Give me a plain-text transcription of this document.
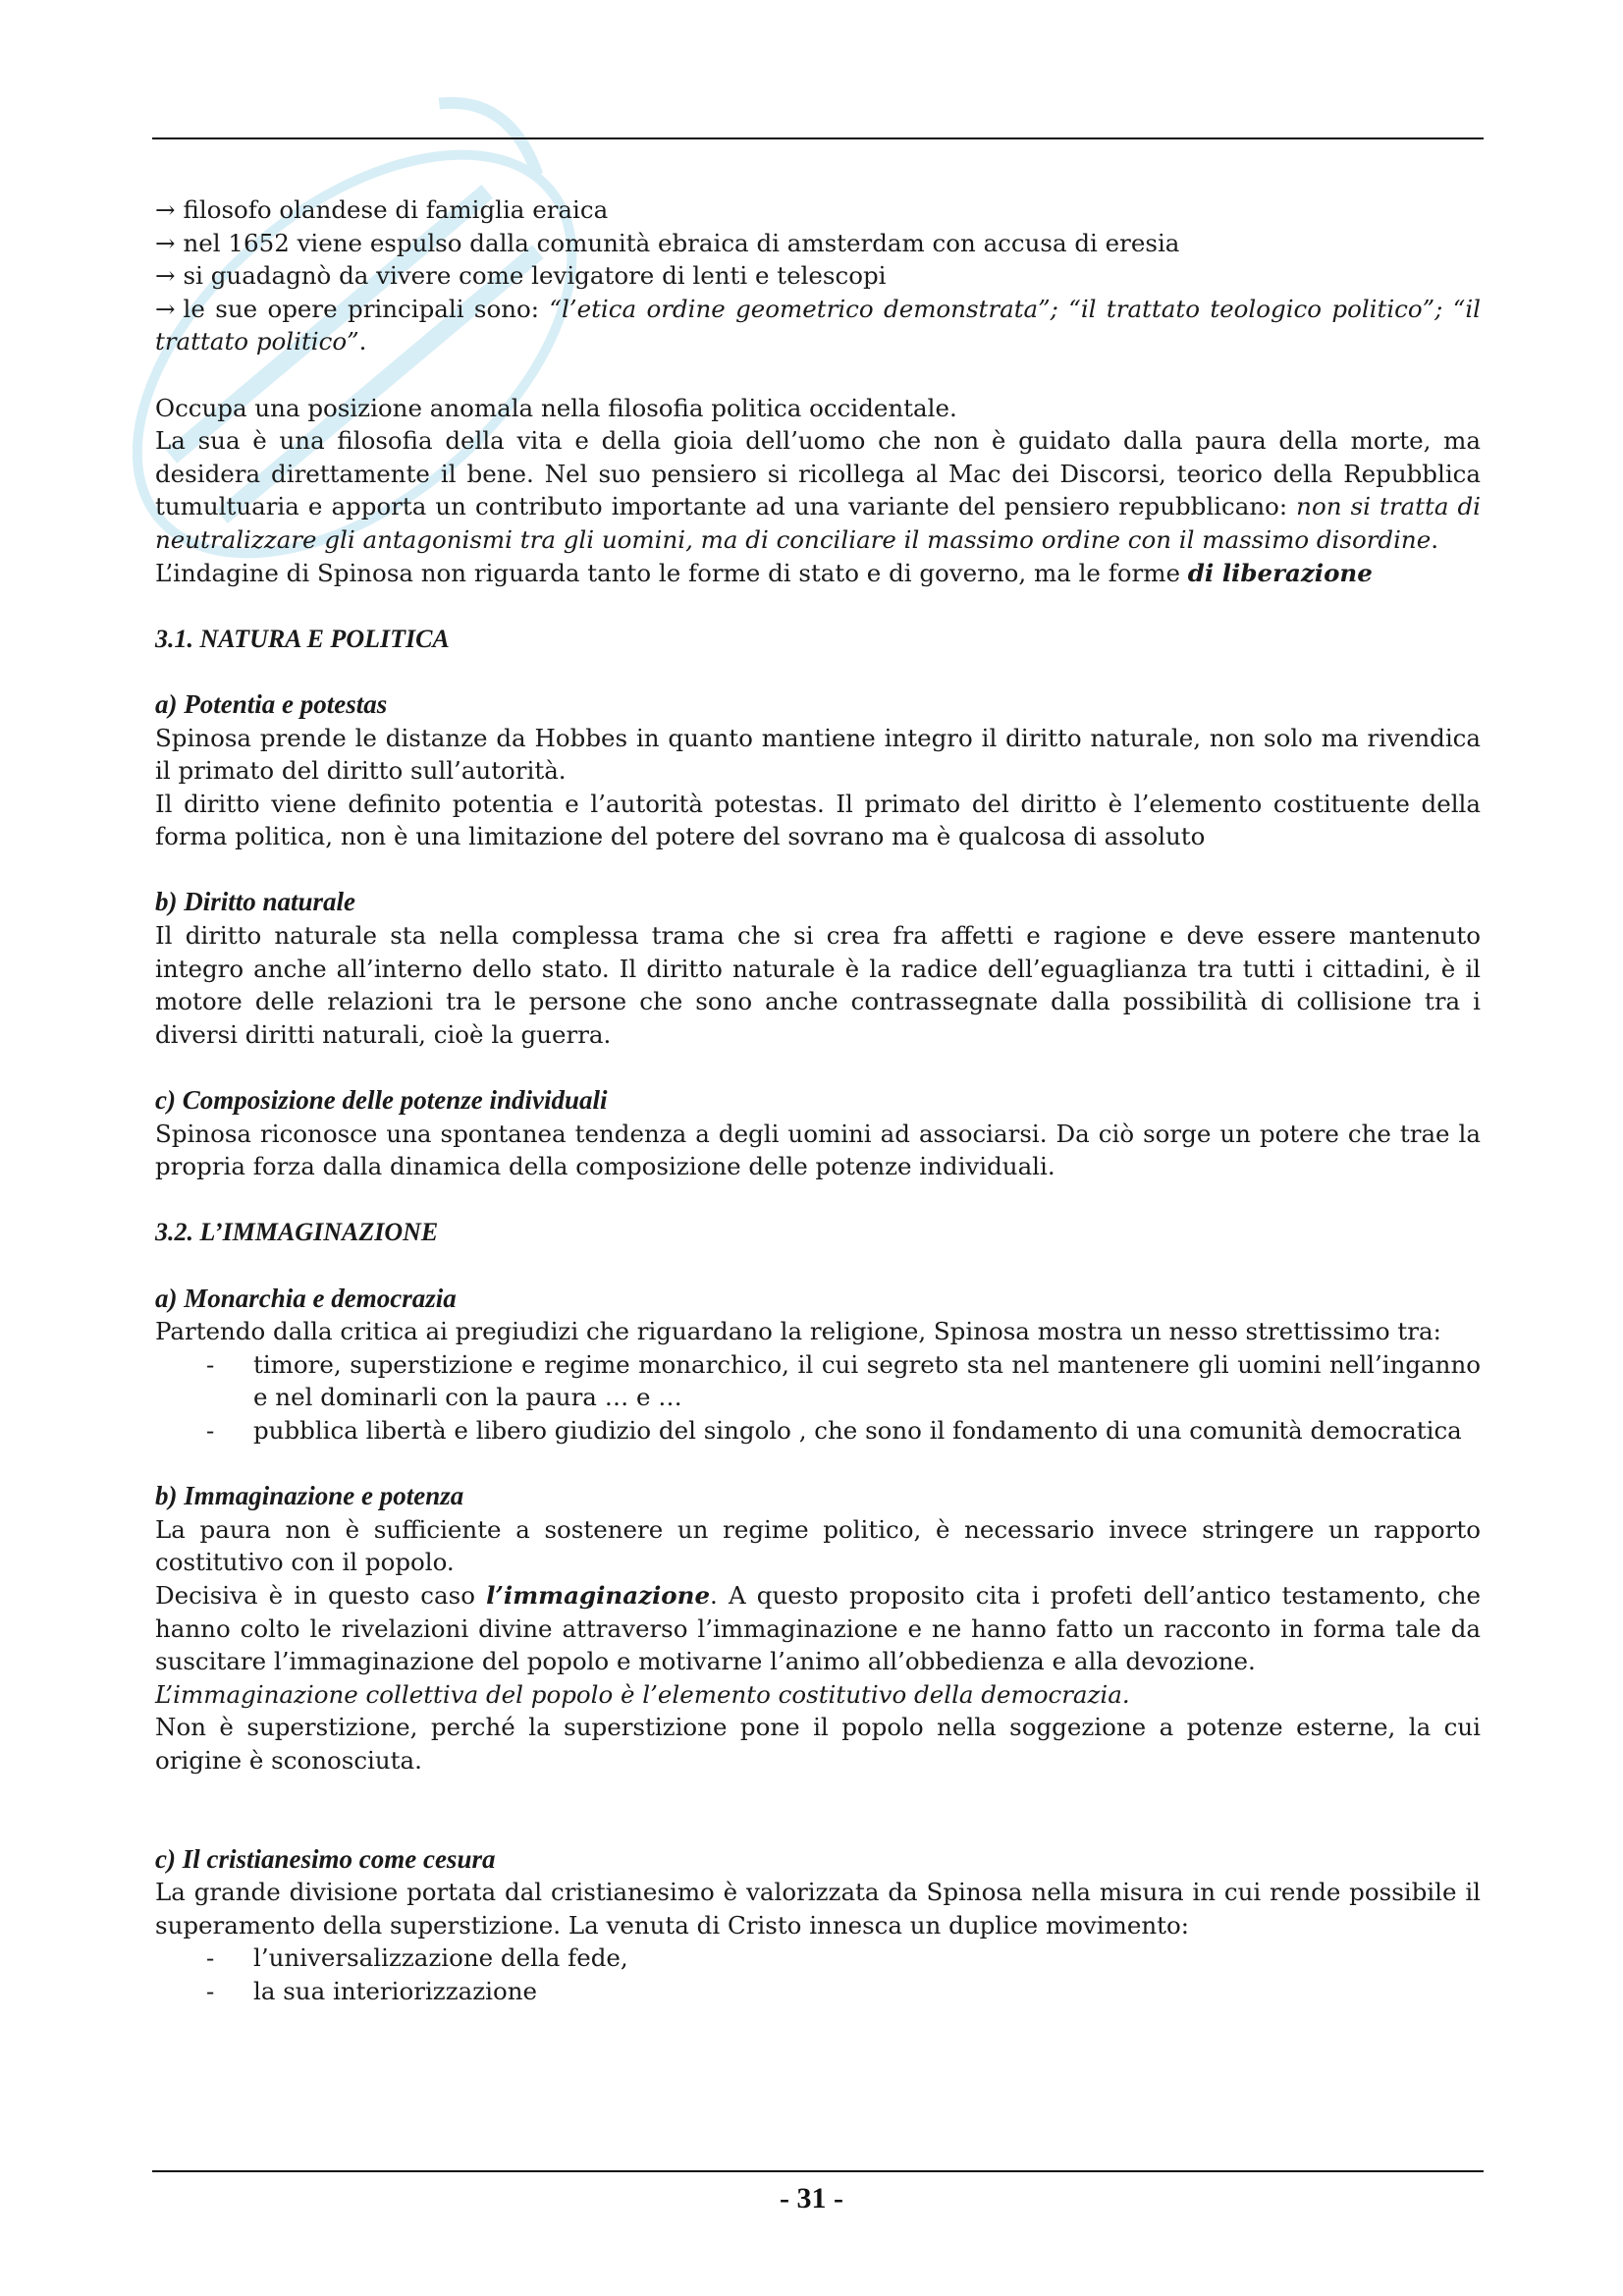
→ filosofo olandese di famiglia eraica

→ nel 1652 viene espulso dalla comunità ebraica di amsterdam con accusa di eresia

→ si guadagnò da vivere come levigatore di lenti e telescopi

→ le sue opere principali sono: “l’etica ordine geometrico demonstrata”; “il trattato teologico politico”; “il trattato politico”.

Occupa una posizione anomala nella filosofia politica occidentale.

La sua è una filosofia della vita e della gioia dell’uomo che non è guidato dalla paura della morte, ma desidera direttamente il bene. Nel suo pensiero si ricollega al Mac dei Discorsi, teorico della Repubblica tumultuaria e apporta un contributo importante ad una variante del pensiero repubblicano: non si tratta di neutralizzare gli antagonismi tra gli uomini, ma di conciliare il massimo ordine con il massimo disordine.

L’indagine di Spinosa non riguarda tanto le forme di stato e di governo, ma le forme di liberazione

3.1. NATURA E POLITICA

a) Potentia e potestas

Spinosa prende le distanze da Hobbes in quanto mantiene integro il diritto naturale, non solo ma rivendica il primato del diritto sull’autorità.

Il diritto viene definito potentia e l’autorità potestas. Il primato del diritto è l’elemento costituente della forma politica, non è una limitazione del potere del sovrano ma è qualcosa di assoluto

b) Diritto naturale

Il diritto naturale sta nella complessa trama che si crea fra affetti e ragione e deve essere mantenuto integro anche all’interno dello stato. Il diritto naturale è la radice dell’eguaglianza tra tutti i cittadini, è il motore delle relazioni tra le persone che sono anche contrassegnate dalla possibilità di collisione tra i diversi diritti naturali, cioè la guerra.

c) Composizione delle potenze individuali

Spinosa riconosce una spontanea tendenza a degli uomini ad associarsi. Da ciò sorge un potere che trae la propria forza dalla dinamica della composizione delle potenze individuali.

3.2. L’IMMAGINAZIONE

a) Monarchia e democrazia

Partendo dalla critica ai pregiudizi che riguardano la religione, Spinosa mostra un nesso strettissimo tra:

-	timore, superstizione e regime monarchico, il cui segreto sta nel mantenere gli uomini nell’inganno e nel dominarli con la paura … e …
-	pubblica libertà e libero giudizio del singolo , che sono il fondamento di una comunità democratica

b) Immaginazione e potenza

La paura non è sufficiente a sostenere un regime politico, è necessario invece stringere un rapporto costitutivo con il popolo.

Decisiva è in questo caso l’immaginazione. A questo proposito cita i profeti dell’antico testamento, che hanno colto le rivelazioni divine attraverso l’immaginazione e ne hanno fatto un racconto in forma tale da suscitare l’immaginazione del popolo e motivarne l’animo all’obbedienza e alla devozione.

L’immaginazione collettiva del popolo è l’elemento costitutivo della democrazia.

Non è superstizione, perché la superstizione pone il popolo nella soggezione a potenze esterne, la cui origine è sconosciuta.

c) Il cristianesimo come cesura

La grande divisione portata dal cristianesimo è valorizzata da Spinosa nella misura in cui rende possibile il superamento della superstizione. La venuta di Cristo innesca un duplice movimento:

-	l’universalizzazione della fede,
-	la sua interiorizzazione
- 31 -
